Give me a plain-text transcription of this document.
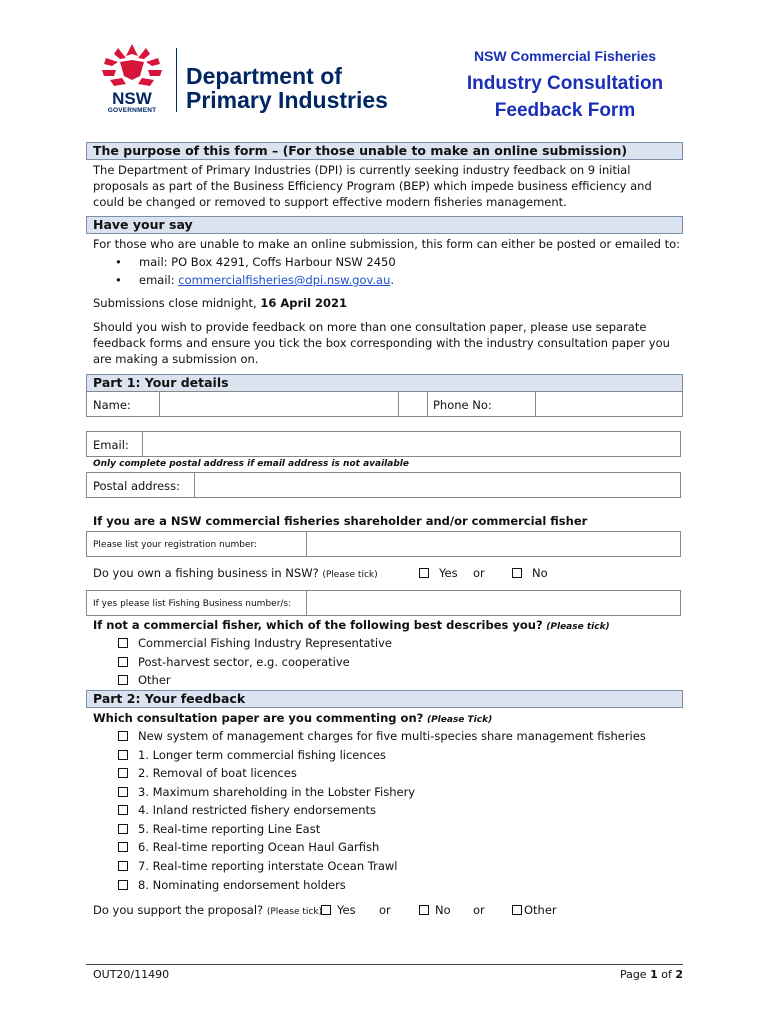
NSW
GOVERNMENT
Department of
Primary Industries
NSW Commercial Fisheries
Industry Consultation
Feedback Form
The purpose of this form – (For those unable to make an online submission)
The Department of Primary Industries (DPI) is currently seeking industry feedback on 9 initial proposals as part of the Business Efficiency Program (BEP) which impede business efficiency and could be changed or removed to support effective modern fisheries management.
Have your say
For those who are unable to make an online submission, this form can either be posted or emailed to:
• mail: PO Box 4291, Coffs Harbour NSW 2450
• email: commercialfisheries@dpi.nsw.gov.au.
Submissions close midnight, 16 April 2021
Should you wish to provide feedback on more than one consultation paper, please use separate feedback forms and ensure you tick the box corresponding with the industry consultation paper you are making a submission on.
Part 1: Your details
Name:	Phone No:
Email:
Only complete postal address if email address is not available
Postal address:
If you are a NSW commercial fisheries shareholder and/or commercial fisher
Please list your registration number:
Do you own a fishing business in NSW? (Please tick)	Yes or	No
If yes please list Fishing Business number/s:
If not a commercial fisher, which of the following best describes you? (Please tick)
Commercial Fishing Industry Representative
Post-harvest sector, e.g. cooperative
Other
Part 2: Your feedback
Which consultation paper are you commenting on? (Please Tick)
New system of management charges for five multi-species share management fisheries
1. Longer term commercial fishing licences
2. Removal of boat licences
3. Maximum shareholding in the Lobster Fishery
4. Inland restricted fishery endorsements
5. Real-time reporting Line East
6. Real-time reporting Ocean Haul Garfish
7. Real-time reporting interstate Ocean Trawl
8. Nominating endorsement holders
Do you support the proposal? (Please tick)	Yes or	No or	Other
OUT20/11490	Page 1 of 2
